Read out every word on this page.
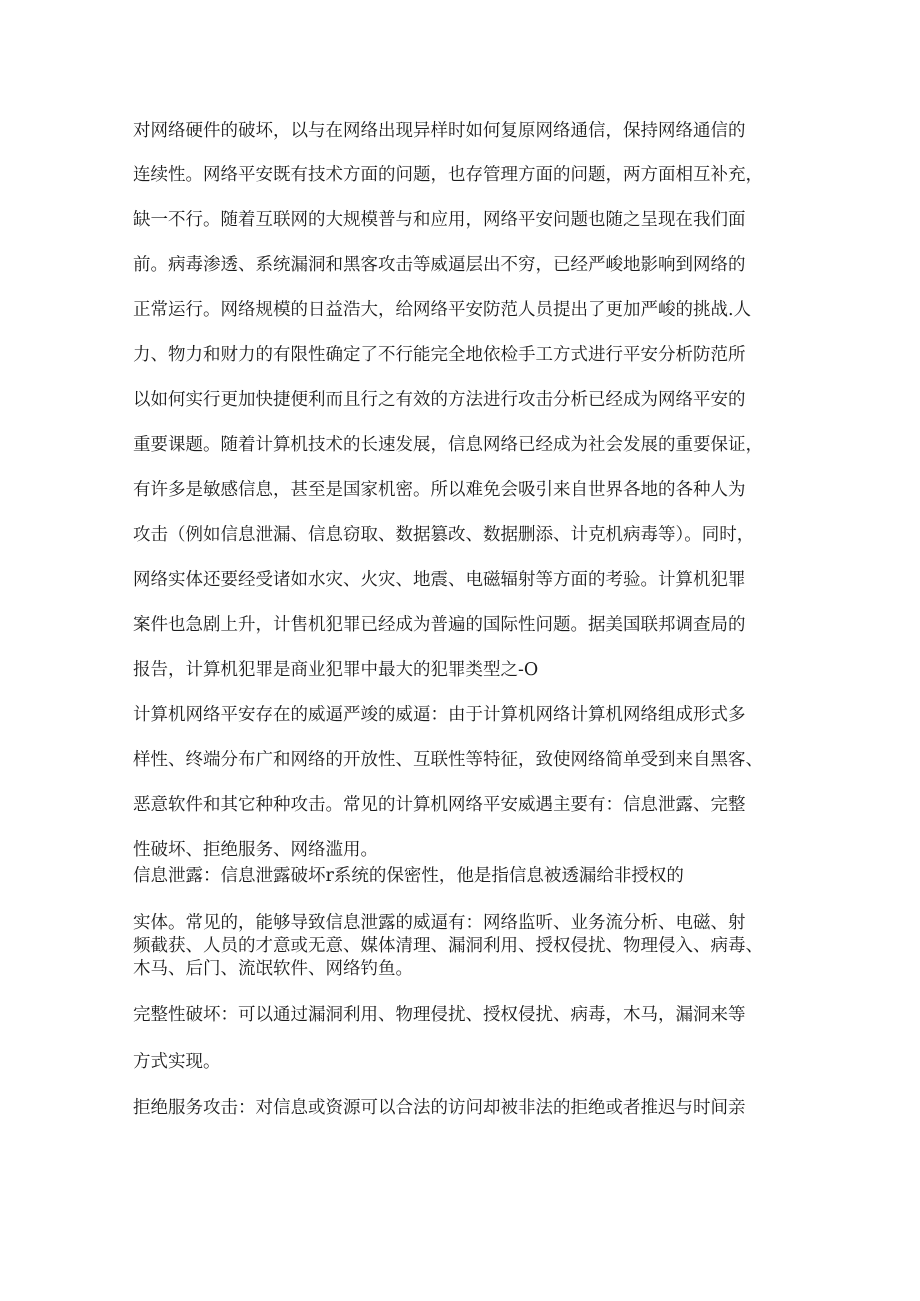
对网络硬件的破坏，以与在网络出现异样时如何复原网络通信，保持网络通信的
连续性。网络平安既有技术方面的问题，也存管理方面的问题，两方面相互补充，
缺一不行。随着互联网的大规模普与和应用，网络平安问题也随之呈现在我们面
前。病毒渗透、系统漏洞和黑客攻击等威逼层出不穷，已经严峻地影响到网络的
正常运行。网络规模的日益浩大，给网络平安防范人员提出了更加严峻的挑战.人
力、物力和财力的有限性确定了不行能完全地依检手工方式进行平安分析防范所
以如何实行更加快捷便利而且行之有效的方法进行攻击分析已经成为网络平安的
重要课题。随着计算机技术的长速发展，信息网络已经成为社会发展的重要保证，
有许多是敏感信息，甚至是国家机密。所以难免会吸引来自世界各地的各种人为
攻击（例如信息泄漏、信息窃取、数据篡改、数据删添、计克机病毒等）。同时，
网络实体还要经受诸如水灾、火灾、地震、电磁辐射等方面的考验。计算机犯罪
案件也急剧上升，计售机犯罪已经成为普遍的国际性问题。据美国联邦调查局的
报告，计算机犯罪是商业犯罪中最大的犯罪类型之-O
计算机网络平安存在的威逼严竣的威逼：由于计算机网络计算机网络组成形式多
样性、终端分布广和网络的开放性、互联性等特征，致使网络简单受到来自黑客、
恶意软件和其它种种攻击。常见的计算机网络平安威遇主要有：信息泄露、完整
性破坏、拒绝服务、网络滥用。
信息泄露：信息泄露破坏r系统的保密性，他是指信息被透漏给非授权的
实体。常见的，能够导致信息泄露的威逼有：网络监听、业务流分析、电磁、射
频截获、人员的才意或无意、媒体清理、漏洞利用、授权侵扰、物理侵入、病毒、
木马、后门、流氓软件、网络钓鱼。
完整性破坏：可以通过漏洞利用、物理侵扰、授权侵扰、病毒，木马，漏洞来等
方式实现。
拒绝服务攻击：对信息或资源可以合法的访问却被非法的拒绝或者推迟与时间亲
